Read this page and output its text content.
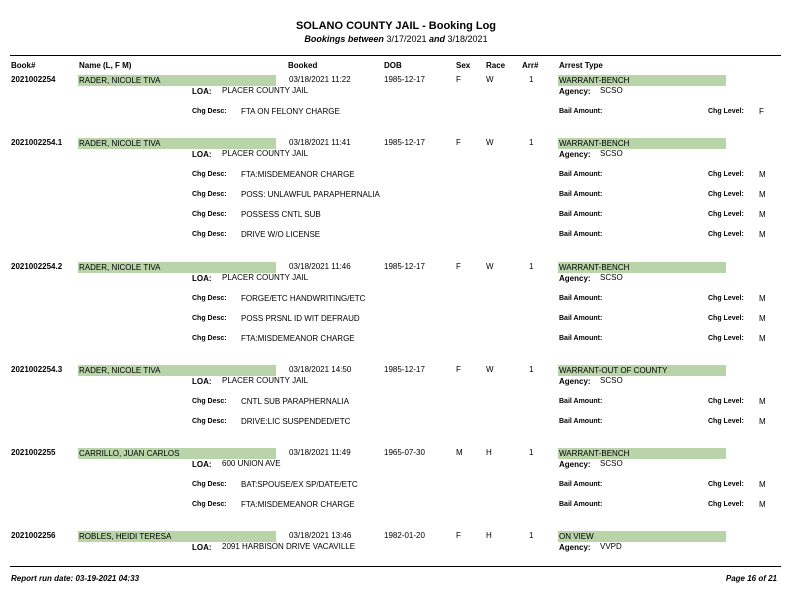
SOLANO COUNTY JAIL - Booking Log
Bookings between 3/17/2021 and 3/18/2021
Book#	Name (L, F M)	Booked	DOB	Sex Race Arr#	Arrest Type
2021002254	RADER, NICOLE TIVA	03/18/2021 11:22	1985-12-17	F	W	1	WARRANT-BENCH
LOA: PLACER COUNTY JAIL	Agency: SCSO
Chg Desc: FTA ON FELONY CHARGE	Bail Amount:	Chg Level: F
2021002254.1 RADER, NICOLE TIVA	03/18/2021 11:41	1985-12-17	F	W	1	WARRANT-BENCH
LOA: PLACER COUNTY JAIL	Agency: SCSO
Chg Desc: FTA:MISDEMEANOR CHARGE	Bail Amount:	Chg Level: M
Chg Desc: POSS: UNLAWFUL PARAPHERNALIA	Bail Amount:	Chg Level: M
Chg Desc: POSSESS CNTL SUB	Bail Amount:	Chg Level: M
Chg Desc: DRIVE W/O LICENSE	Bail Amount:	Chg Level: M
2021002254.2 RADER, NICOLE TIVA	03/18/2021 11:46	1985-12-17	F	W	1	WARRANT-BENCH
LOA: PLACER COUNTY JAIL	Agency: SCSO
Chg Desc: FORGE/ETC HANDWRITING/ETC	Bail Amount:	Chg Level: M
Chg Desc: POSS PRSNL ID WIT DEFRAUD	Bail Amount:	Chg Level: M
Chg Desc: FTA:MISDEMEANOR CHARGE	Bail Amount:	Chg Level: M
2021002254.3 RADER, NICOLE TIVA	03/18/2021 14:50	1985-12-17	F	W	1	WARRANT-OUT OF COUNTY
LOA: PLACER COUNTY JAIL	Agency: SCSO
Chg Desc: CNTL SUB PARAPHERNALIA	Bail Amount:	Chg Level: M
Chg Desc: DRIVE:LIC SUSPENDED/ETC	Bail Amount:	Chg Level: M
2021002255	CARRILLO, JUAN CARLOS	03/18/2021 11:49	1965-07-30	M	H	1	WARRANT-BENCH
LOA: 600 UNION AVE	Agency: SCSO
Chg Desc: BAT:SPOUSE/EX SP/DATE/ETC	Bail Amount:	Chg Level: M
Chg Desc: FTA:MISDEMEANOR CHARGE	Bail Amount:	Chg Level: M
2021002256	ROBLES, HEIDI TERESA	03/18/2021 13:46	1982-01-20	F	H	1	ON VIEW
LOA: 2091 HARBISON DRIVE VACAVILLE	Agency: VVPD
Report run date: 03-19-2021 04:33	Page 16 of 21
